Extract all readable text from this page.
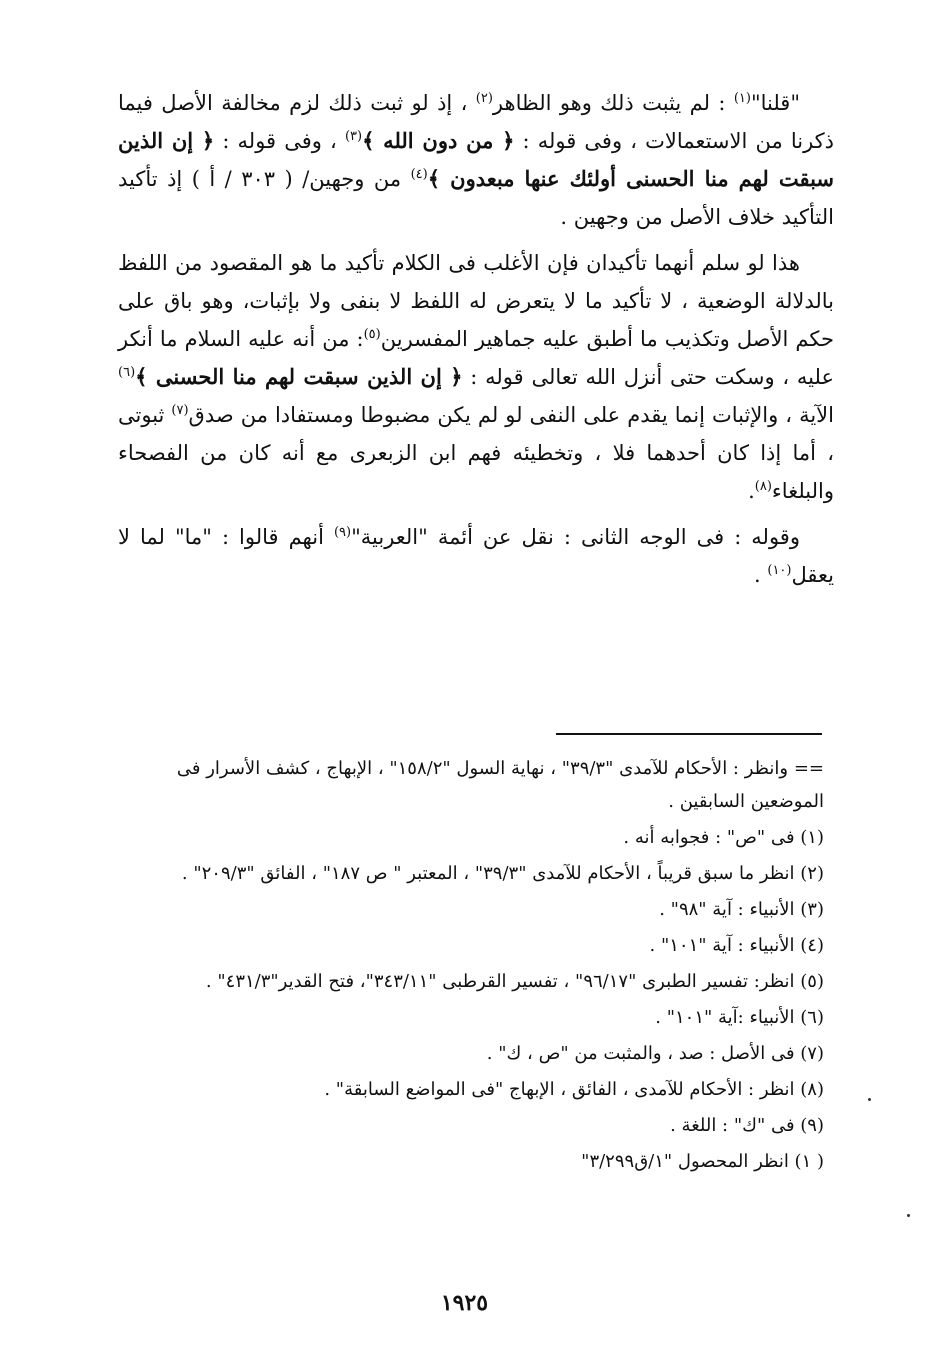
"قلنا"$^{(١)}$ : لم يثبت ذلك وهو الظاهر$^{(٢)}$ ، إذ لو ثبت ذلك لزم مخالفة الأصل فيما ذكرنا من الاستعمالات ، وفى قوله : ﴿ من دون الله ﴾$^{(٣)}$ ، وفى قوله : ﴿ إن الذين سبقت لهم منا الحسنى أولئك عنها مبعدون ﴾$^{(٤)}$ من وجهين/ ( ٣٠٣ / أ ) إذ تأكيد التأكيد خلاف الأصل من وجهين .

هذا لو سلم أنهما تأكيدان فإن الأغلب فى الكلام تأكيد ما هو المقصود من اللفظ بالدلالة الوضعية ، لا تأكيد ما لا يتعرض له اللفظ لا بنفى ولا بإثبات، وهو باق على حكم الأصل وتكذيب ما أطبق عليه جماهير المفسرين$^{(٥)}$: من أنه عليه السلام ما أنكر عليه ، وسكت حتى أنزل الله تعالى قوله : ﴿ إن الذين سبقت لهم منا الحسنى ﴾$^{(٦)}$ الآية ، والإثبات إنما يقدم على النفى لو لم يكن مضبوطا ومستفادا من صدق$^{(٧)}$ ثبوتى ، أما إذا كان أحدهما فلا ، وتخطيئه فهم ابن الزبعرى مع أنه كان من الفصحاء والبلغاء$^{(٨)}$.

وقوله : فى الوجه الثانى : نقل عن أئمة "العربية"$^{(٩)}$ أنهم قالوا : "ما" لما لا يعقل$^{(١٠)}$ .

== وانظر : الأحكام للآمدى "٣٩/٣" ، نهاية السول "١٥٨/٢" ، الإبهاج ، كشف الأسرار فى الموضعين السابقين .
(١) فى "ص" : فجوابه أنه .
(٢) انظر ما سبق قريباً ، الأحكام للآمدى "٣٩/٣" ، المعتبر " ص ١٨٧" ، الفائق "٢٠٩/٣" .
(٣) الأنبياء : آية "٩٨" .
(٤) الأنبياء : آية "١٠١" .
(٥) انظر: تفسير الطبرى "٩٦/١٧" ، تفسير القرطبى "٣٤٣/١١"، فتح القدير"٤٣١/٣" .
(٦) الأنبياء :آية "١٠١" .
(٧) فى الأصل : صد ، والمثبت من "ص ، ك" .
(٨) انظر : الأحكام للآمدى ، الفائق ، الإبهاج "فى المواضع السابقة" .
(٩) فى "ك" : اللغة .
( ١) انظر المحصول "١/ق٣/٢٩٩"
١٩٢٥
